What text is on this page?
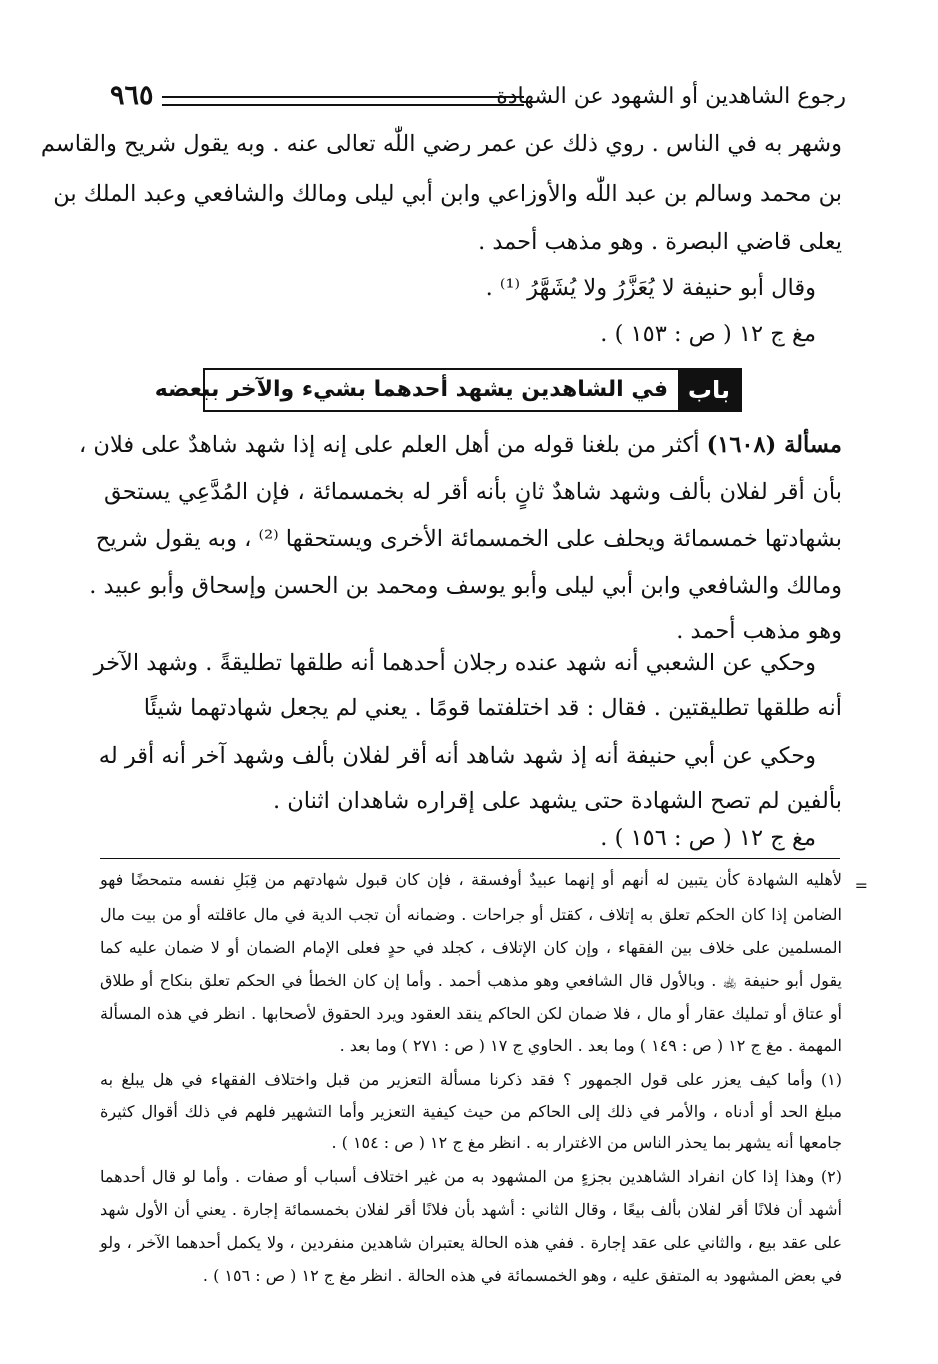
رجوع الشاهدين أو الشهود عن الشهادة
٩٦٥
وشهر به في الناس . روي ذلك عن عمر رضي اللّٰه تعالى عنه . وبه يقول شريح والقاسم
بن محمد وسالم بن عبد اللّٰه والأوزاعي وابن أبي ليلى ومالك والشافعي وعبد الملك بن
يعلى قاضي البصرة . وهو مذهب أحمد .
وقال أبو حنيفة لا يُعَزَّرُ ولا يُشَهَّرُ ⁽¹⁾ .
مغ ج ١٢ ( ص : ١٥٣ ) .
باب
في الشاهدين يشهد أحدهما بشيء والآخر ببعضه
مسألة (١٦٠٨) أكثر من بلغنا قوله من أهل العلم على إنه إذا شهد شاهدٌ على فلان ،
بأن أقر لفلان بألف وشهد شاهدٌ ثانٍ بأنه أقر له بخمسمائة ، فإن المُدَّعِي يستحق
بشهادتها خمسمائة ويحلف على الخمسمائة الأخرى ويستحقها ⁽²⁾ ، وبه يقول شريح
ومالك والشافعي وابن أبي ليلى وأبو يوسف ومحمد بن الحسن وإسحاق وأبو عبيد .
وهو مذهب أحمد .
وحكي عن الشعبي أنه شهد عنده رجلان أحدهما أنه طلقها تطليقةً . وشهد الآخر
أنه طلقها تطليقتين . فقال : قد اختلفتما قومًا . يعني لم يجعل شهادتهما شيئًا
وحكي عن أبي حنيفة أنه إذ شهد شاهد أنه أقر لفلان بألف وشهد آخر أنه أقر له
بألفين لم تصح الشهادة حتى يشهد على إقراره شاهدان اثنان .
مغ ج ١٢ ( ص : ١٥٦ ) .
=
لأهليه الشهادة كأن يتبين له أنهم أو إنهما عبيدٌ أوفسقة ، فإن كان قبول شهادتهم من قِبَلِ نفسه متمحضًا فهو
الضامن إذا كان الحكم تعلق به إتلاف ، كقتل أو جراحات . وضمانه أن تجب الدية في مال عاقلته أو من بيت مال
المسلمين على خلاف بين الفقهاء ، وإن كان الإتلاف ، كجلد في حدٍ فعلى الإمام الضمان أو لا ضمان عليه كما
يقول أبو حنيفة ﵀ . وبالأول قال الشافعي وهو مذهب أحمد . وأما إن كان الخطأ في الحكم تعلق بنكاح أو طلاق
أو عتاق أو تمليك عقار أو مال ، فلا ضمان لكن الحاكم ينقد العقود ويرد الحقوق لأصحابها . انظر في هذه المسألة
المهمة . مغ ج ١٢ ( ص : ١٤٩ ) وما بعد . الحاوي ج ١٧ ( ص : ٢٧١ ) وما بعد .
(١) وأما كيف يعزر على قول الجمهور ؟ فقد ذكرنا مسألة التعزير من قبل واختلاف الفقهاء في هل يبلغ به
مبلغ الحد أو أدناه ، والأمر في ذلك إلى الحاكم من حيث كيفية التعزير وأما التشهير فلهم في ذلك أقوال كثيرة
جامعها أنه يشهر بما يحذر الناس من الاغترار به . انظر مغ ج ١٢ ( ص : ١٥٤ ) .
(٢) وهذا إذا كان انفراد الشاهدين بجزءٍ من المشهود به من غير اختلاف أسباب أو صفات . وأما لو قال أحدهما
أشهد أن فلانًا أقر لفلان بألف بيعًا ، وقال الثاني : أشهد بأن فلانًا أقر لفلان بخمسمائة إجارة . يعني أن الأول شهد
على عقد بيع ، والثاني على عقد إجارة . ففي هذه الحالة يعتبران شاهدين منفردين ، ولا يكمل أحدهما الآخر ، ولو
في بعض المشهود به المتفق عليه ، وهو الخمسمائة في هذه الحالة . انظر مغ ج ١٢ ( ص : ١٥٦ ) .
